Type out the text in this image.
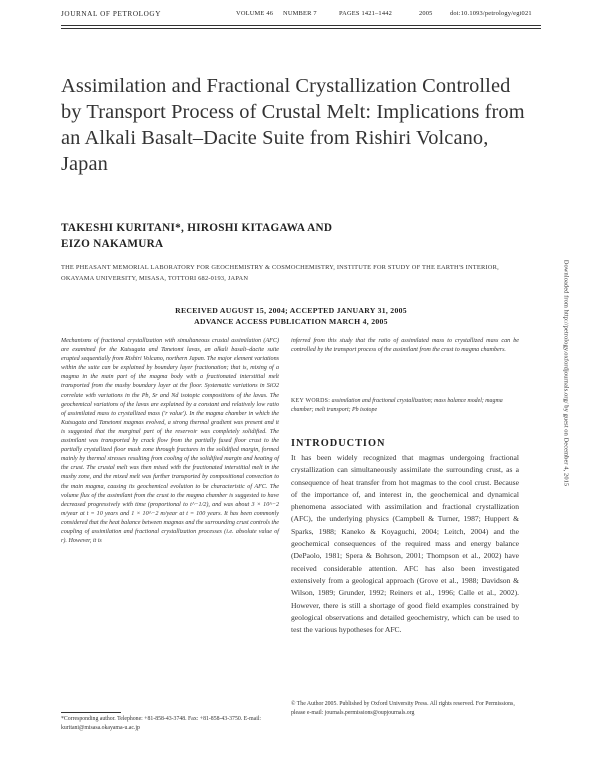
JOURNAL OF PETROLOGY	VOLUME 46 NUMBER 7	PAGES 1421–1442	2005	doi:10.1093/petrology/egi021
Assimilation and Fractional Crystallization Controlled by Transport Process of Crustal Melt: Implications from an Alkali Basalt–Dacite Suite from Rishiri Volcano, Japan
TAKESHI KURITANI*, HIROSHI KITAGAWA AND
EIZO NAKAMURA
THE PHEASANT MEMORIAL LABORATORY FOR GEOCHEMISTRY & COSMOCHEMISTRY, INSTITUTE FOR STUDY OF THE EARTH'S INTERIOR, OKAYAMA UNIVERSITY, MISASA, TOTTORI 682-0193, JAPAN
RECEIVED AUGUST 15, 2004; ACCEPTED JANUARY 31, 2005
ADVANCE ACCESS PUBLICATION MARCH 4, 2005
Mechanisms of fractional crystallization with simultaneous crustal assimilation (AFC) are examined for the Kutsugata and Tanetomi lavas, an alkali basalt–dacite suite erupted sequentially from Rishiri Volcano, northern Japan. The major element variations within the suite can be explained by boundary layer fractionation; that is, mixing of a magma in the main part of the magma body with a fractionated interstitial melt transported from the mushy boundary layer at the floor. Systematic variations in SiO2 correlate with variations in the Pb, Sr and Nd isotopic compositions of the lavas. The geochemical variations of the lavas are explained by a constant and relatively low ratio of assimilated mass to crystallized mass ('r value'). In the magma chamber in which the Kutsugata and Tanetomi magmas evolved, a strong thermal gradient was present and it is suggested that the marginal part of the reservoir was completely solidified. The assimilant was transported by crack flow from the partially fused floor crust to the partially crystallized floor mush zone through fractures in the solidified margin, formed mainly by thermal stresses resulting from cooling of the solidified margin and heating of the crust. The crustal melt was then mixed with the fractionated interstitial melt in the mushy zone, and the mixed melt was further transported by compositional convection to the main magma, causing its geochemical evolution to be characteristic of AFC. The volume flux of the assimilant from the crust to the magma chamber is suggested to have decreased progressively with time (proportional to t^−1/2), and was about 3 × 10^−2 m/year at t = 10 years and 1 × 10^−2 m/year at t = 100 years. It has been commonly considered that the heat balance between magmas and the surrounding crust controls the coupling of assimilation and fractional crystallization processes (i.e. absolute value of r). However, it is
inferred from this study that the ratio of assimilated mass to crystallized mass can be controlled by the transport process of the assimilant from the crust to magma chambers.
KEY WORDS: assimilation and fractional crystallization; mass balance model; magma chamber; melt transport; Pb isotope
INTRODUCTION
It has been widely recognized that magmas undergoing fractional crystallization can simultaneously assimilate the surrounding crust, as a consequence of heat transfer from hot magmas to the cool crust. Because of the importance of, and interest in, the geochemical and dynamical phenomena associated with assimilation and fractional crystallization (AFC), the underlying physics (Campbell & Turner, 1987; Huppert & Sparks, 1988; Kaneko & Koyaguchi, 2004; Leitch, 2004) and the geochemical consequences of the required mass and energy balance (DePaolo, 1981; Spera & Bohrson, 2001; Thompson et al., 2002) have received considerable attention. AFC has also been investigated extensively from a geological approach (Grove et al., 1988; Davidson & Wilson, 1989; Grunder, 1992; Reiners et al., 1996; Calle et al., 2002). However, there is still a shortage of good field examples constrained by geological observations and detailed geochemistry, which can be used to test the various hypotheses for AFC.
*Corresponding author. Telephone: +81-858-43-3748. Fax: +81-858-43-3750. E-mail: kuritani@misasa.okayama-u.ac.jp
© The Author 2005. Published by Oxford University Press. All rights reserved. For Permissions, please e-mail: journals.permissions@oupjournals.org
Downloaded from http://petrology.oxfordjournals.org/ by guest on December 4, 2015
